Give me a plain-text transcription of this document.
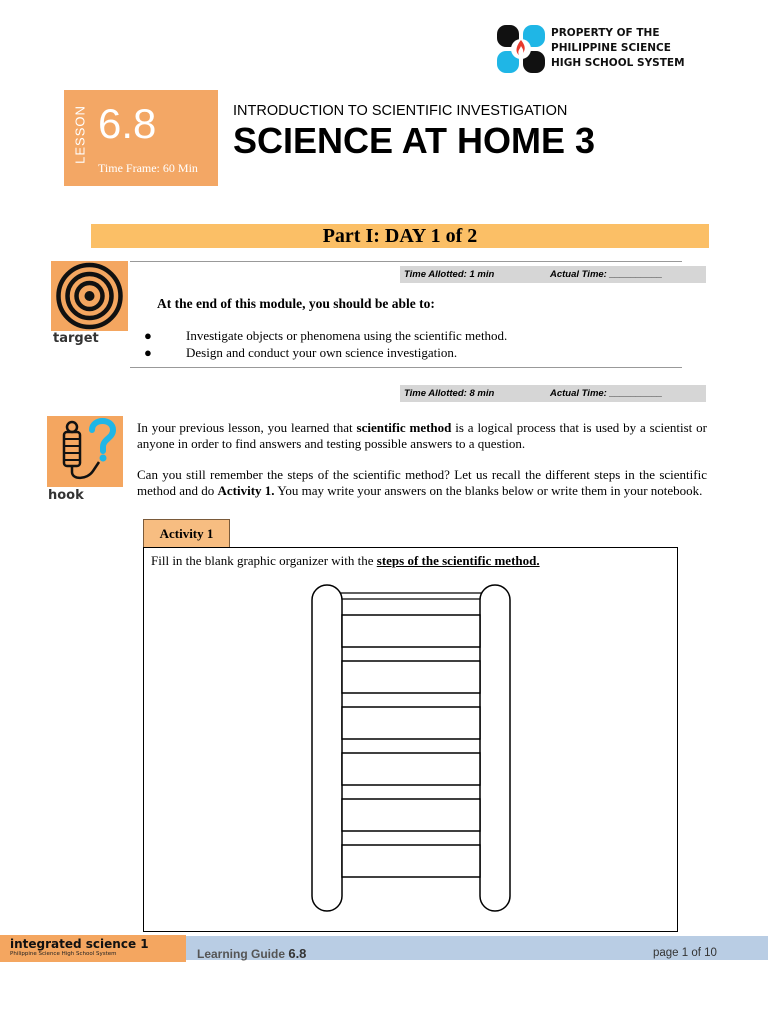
PROPERTY OF THE
PHILIPPINE SCIENCE
HIGH SCHOOL SYSTEM
LESSON 6.8
Time Frame: 60 Min
INTRODUCTION TO SCIENTIFIC INVESTIGATION
SCIENCE AT HOME 3
Part I: DAY 1 of 2
target
Time Allotted: 1 min	Actual Time: __________
At the end of this module, you should be able to:
●	Investigate objects or phenomena using the scientific method.
●	Design and conduct your own science investigation.
Time Allotted: 8 min	Actual Time: __________
hook
In your previous lesson, you learned that scientific method is a logical process that is used by a scientist or anyone in order to find answers and testing possible answers to a question.
Can you still remember the steps of the scientific method? Let us recall the different steps in the scientific method and do Activity 1. You may write your answers on the blanks below or write them in your notebook.
Activity 1
Fill in the blank graphic organizer with the steps of the scientific method.
integrated science 1
Philippine Science High School System	Learning Guide 6.8	page 1 of 10
